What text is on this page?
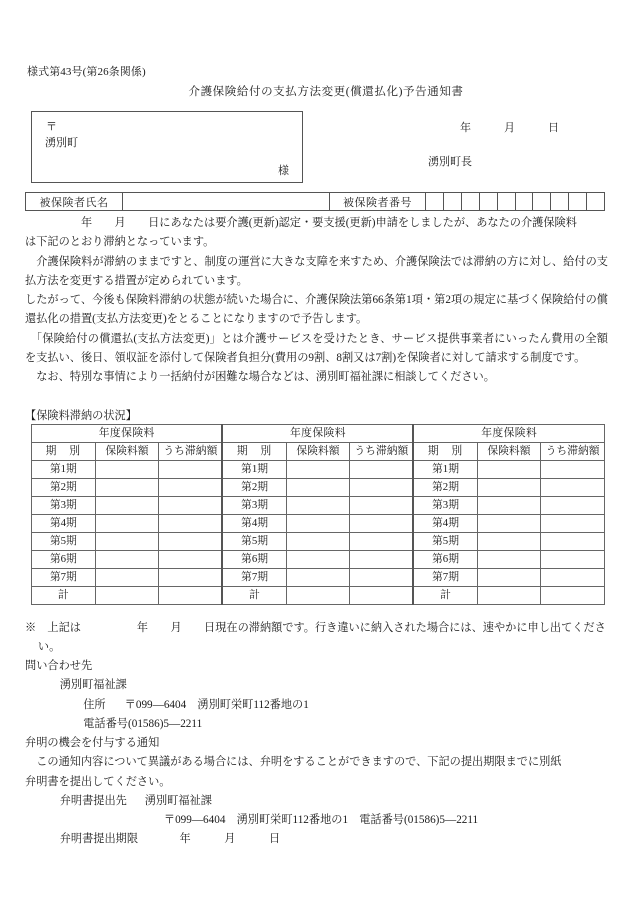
様式第43号(第26条関係)
介護保険給付の支払方法変更(償還払化)予告通知書
〒
湧別町
様
年　　　月　　　日
湧別町長
被保険者氏名	被保険者番号

　　　　　年　　月　　日にあなたは要介護(更新)認定・要支援(更新)申請をしましたが、あなたの介護保険料

は下記のとおり滞納となっています。

　介護保険料が滞納のままですと、制度の運営に大きな支障を来すため、介護保険法では滞納の方に対し、給付の支払方法を変更する措置が定められています。

したがって、今後も保険料滞納の状態が続いた場合に、介護保険法第66条第1項・第2項の規定に基づく保険給付の償還払化の措置(支払方法変更)をとることになりますので予告します。

　「保険給付の償還払(支払方法変更)」とは介護サービスを受けたとき、サービス提供事業者にいったん費用の全額を支払い、後日、領収証を添付して保険者負担分(費用の9割、8割又は7割)を保険者に対して請求する制度です。

　なお、特別な事情により一括納付が困難な場合などは、湧別町福祉課に相談してください。

【保険料滞納の状況】
年度保険料			年度保険料			年度保険料		
期　別	保険料額	うち滞納額	期　別	保険料額	うち滞納額	期　別	保険料額	うち滞納額
第1期			第1期			第1期		
第2期			第2期			第2期		
第3期			第3期			第3期		
第4期			第4期			第4期		
第5期			第5期			第5期		
第6期			第6期			第6期		
第7期			第7期			第7期		
計			計			計		
※　上記は　　　　　年　　月　　日現在の滞納額です。行き違いに納入された場合には、速やかに申し出てくださ
い。
問い合わせ先
湧別町福祉課
住所 〒099—6404　湧別町栄町112番地の1
電話番号(01586)5—2211
弁明の機会を付与する通知
　この通知内容について異議がある場合には、弁明をすることができますので、下記の提出期限までに別紙
弁明書を提出してください。
弁明書提出先 湧別町福祉課
〒099—6404　湧別町栄町112番地の1　電話番号(01586)5—2211
弁明書提出期限	年　　　月　　　日
